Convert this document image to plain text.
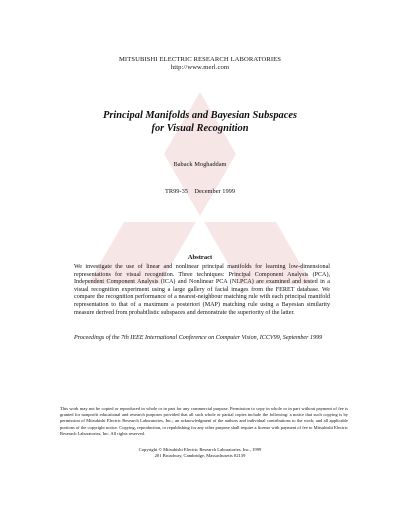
MITSUBISHI ELECTRIC RESEARCH LABORATORIES
http://www.merl.com
Principal Manifolds and Bayesian Subspaces
for Visual Recognition
Baback Moghaddam
TR99-35    December 1999
Abstract
We investigate the use of linear and nonlinear principal manifolds for learning low-dimensional representations for visual recognition. Three techniques: Principal Component Analysis (PCA), Independent Component Analysis (ICA) and Nonlinear PCA (NLPCA) are examined and tested in a visual recognition experiment using a large gallery of facial images from the FERET database. We compare the recognition performance of a nearest-neighbour matching rule with each principal manifold representation to that of a maximum a posteriori (MAP) matching rule using a Bayesian similarity measure derived from probabilistic subspaces and demonstrate the superiority of the latter.
Proceedings of the 7th IEEE International Conference on Computer Vision, ICCV99, September 1999
This work may not be copied or reproduced in whole or in part for any commercial purpose. Permission to copy in whole or in part without payment of fee is granted for nonprofit educational and research purposes provided that all such whole or partial copies include the following: a notice that such copying is by permission of Mitsubishi Electric Research Laboratories, Inc.; an acknowledgment of the authors and individual contributions to the work; and all applicable portions of the copyright notice. Copying, reproduction, or republishing for any other purpose shall require a license with payment of fee to Mitsubishi Electric Research Laboratories, Inc. All rights reserved.
Copyright © Mitsubishi Electric Research Laboratories, Inc., 1999
201 Broadway, Cambridge, Massachusetts 02139
